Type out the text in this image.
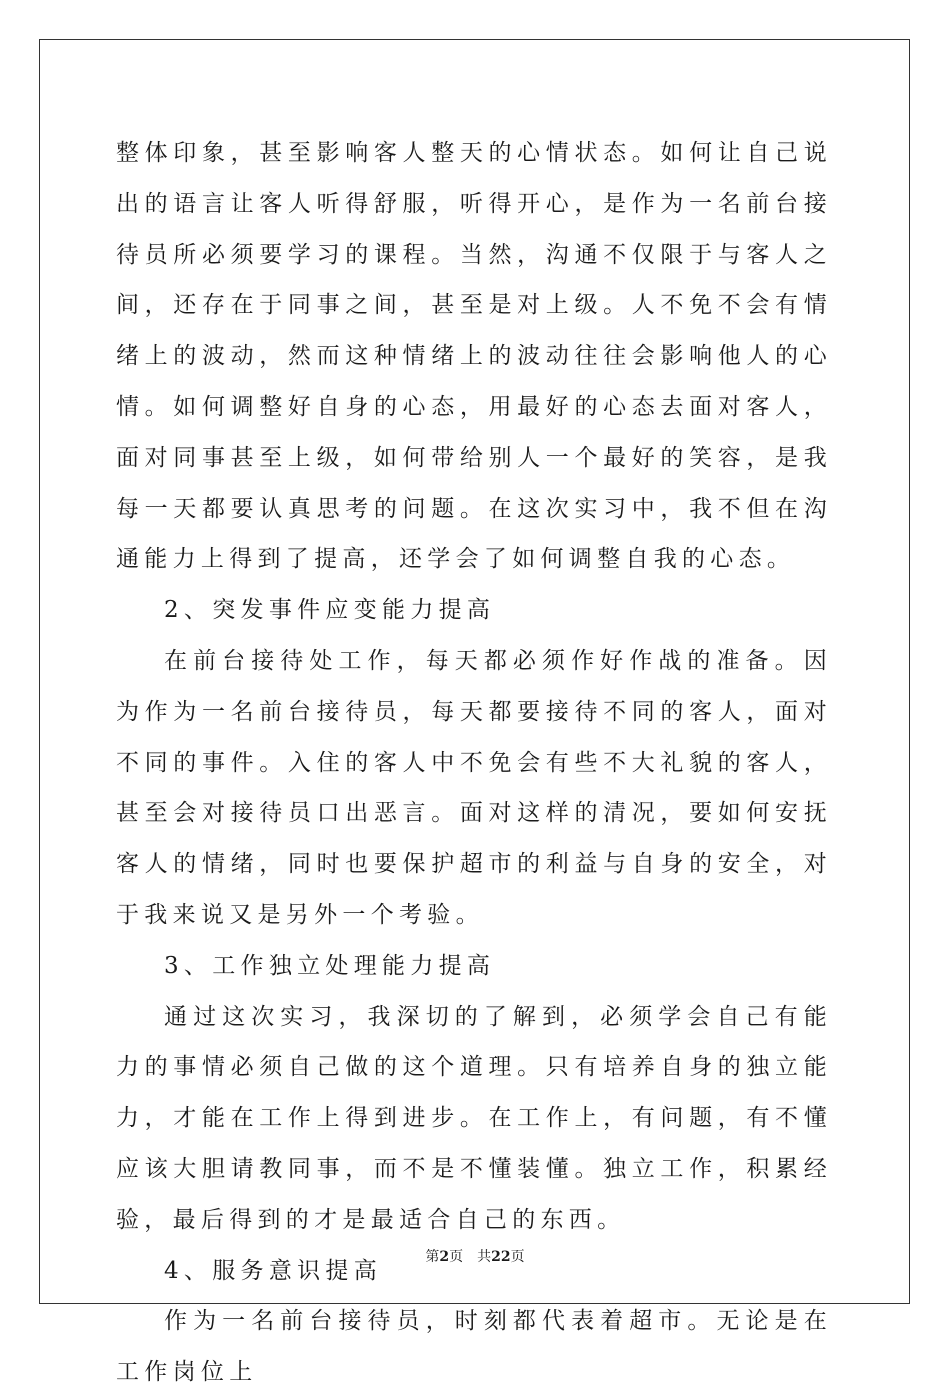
整体印象，甚至影响客人整天的心情状态。如何让自己说出的语言让客人听得舒服，听得开心，是作为一名前台接待员所必须要学习的课程。当然，沟通不仅限于与客人之间，还存在于同事之间，甚至是对上级。人不免不会有情绪上的波动，然而这种情绪上的波动往往会影响他人的心情。如何调整好自身的心态，用最好的心态去面对客人，面对同事甚至上级，如何带给别人一个最好的笑容，是我每一天都要认真思考的问题。在这次实习中，我不但在沟通能力上得到了提高，还学会了如何调整自我的心态。

2、突发事件应变能力提高

在前台接待处工作，每天都必须作好作战的准备。因为作为一名前台接待员，每天都要接待不同的客人，面对不同的事件。入住的客人中不免会有些不大礼貌的客人，甚至会对接待员口出恶言。面对这样的清况，要如何安抚客人的情绪，同时也要保护超市的利益与自身的安全，对于我来说又是另外一个考验。

3、工作独立处理能力提高

通过这次实习，我深切的了解到，必须学会自己有能力的事情必须自己做的这个道理。只有培养自身的独立能力，才能在工作上得到进步。在工作上，有问题，有不懂应该大胆请教同事，而不是不懂装懂。独立工作，积累经验，最后得到的才是最适合自己的东西。

4、服务意识提高

作为一名前台接待员，时刻都代表着超市。无论是在工作岗位上

第2页 共22页
